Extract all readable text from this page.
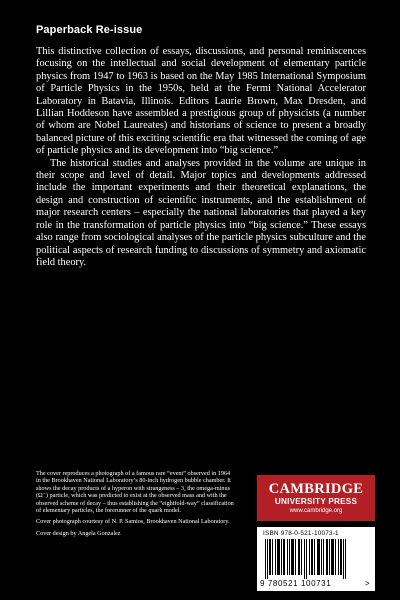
Paperback Re-issue

This distinctive collection of essays, discussions, and personal reminiscences focusing on the intellectual and social development of elementary particle physics from 1947 to 1963 is based on the May 1985 International Symposium of Particle Physics in the 1950s, held at the Fermi National Accelerator Laboratory in Batavia, Illinois. Editors Laurie Brown, Max Dresden, and Lillian Hoddeson have assembled a prestigious group of physicists (a number of whom are Nobel Laureates) and historians of science to present a broadly balanced picture of this exciting scientific era that witnessed the coming of age of particle physics and its development into “big science.”

The historical studies and analyses provided in the volume are unique in their scope and level of detail. Major topics and developments addressed include the important experiments and their theoretical explanations, the design and construction of scientific instruments, and the establishment of major research centers – especially the national laboratories that played a key role in the transformation of particle physics into “big science.” These essays also range from sociological analyses of the particle physics subculture and the political aspects of research funding to discussions of symmetry and axiomatic field theory.

The cover reproduces a photograph of a famous rare “event” observed in 1964 in the Brookhaven National Laboratory’s 80-inch hydrogen bubble chamber. It shows the decay products of a hyperon with strangeness – 3, the omega-minus (Ω⁻) particle, which was predicted to exist at the observed mass and with the observed scheme of decay – thus establishing the “eightfold-way” classification of elementary particles, the forerunner of the quark model.

Cover photograph courtesy of N. P. Samios, Brookhaven National Laboratory.

Cover design by Angela Gonzalez

CAMBRIDGE
UNIVERSITY PRESS
www.cambridge.org
ISBN 978-0-521-10073-1
9 780521 100731	>
